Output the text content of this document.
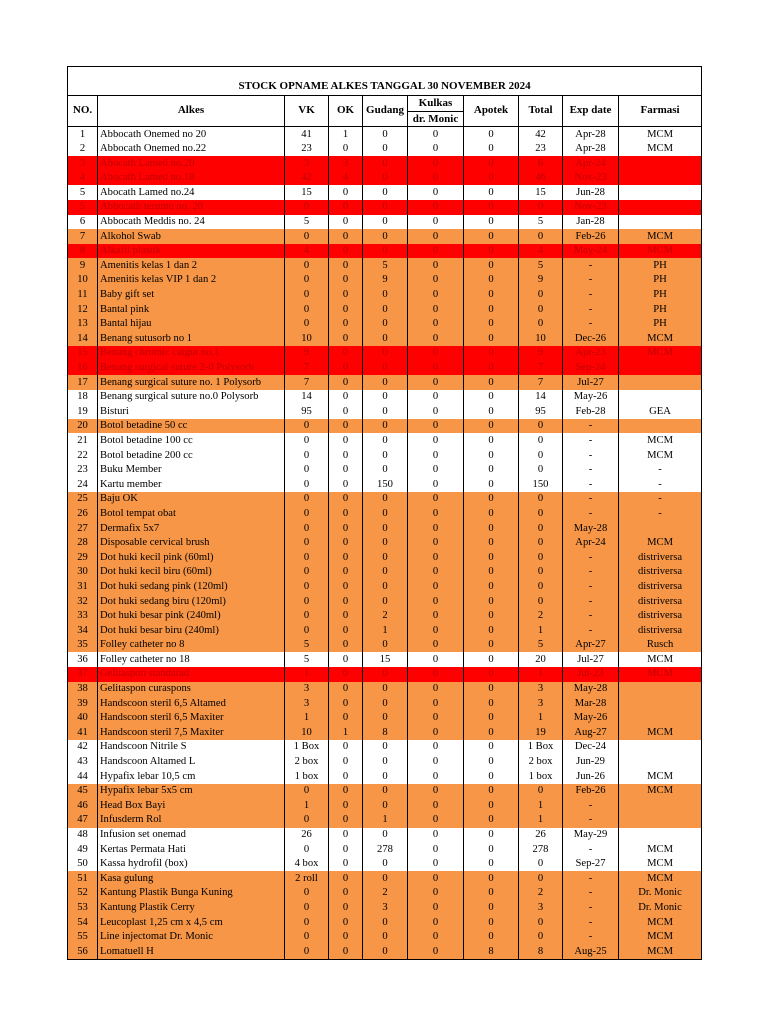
STOCK OPNAME ALKES TANGGAL 30 NOVEMBER 2024									
NO.	Alkes	VK	OK	Gudang	Kulkas	Apotek	Total	Exp date	Farmasi
					dr. Monic				
1	Abbocath Onemed no 20	41	1	0	0	0	42	Apr-28	MCM
2	Abbocath Onemed no.22	23	0	0	0	0	23	Apr-28	MCM
3	Abocath Lamed no.20	3	3	0	0	0	6	Apr-24	
4	Abocath Lamed no.18	42	4	0	0	0	46	Nov-23	
5	Abocath Lamed no.24	15	0	0	0	0	15	Jun-28	
5	Abbocath terumo no. 20	0	0	0	0	0	0	Nov-23	
6	Abbocath Meddis no. 24	5	0	0	0	0	5	Jan-28	
7	Alkohol Swab	0	0	0	0	0	0	Feb-26	MCM
8	Alkafil plastik	4	0	0	0	0	4	May-24	MCM
9	Amenitis kelas 1 dan 2	0	0	5	0	0	5	-	PH
10	Amenitis kelas VIP 1 dan 2	0	0	9	0	0	9	-	PH
11	Baby gift set	0	0	0	0	0	0	-	PH
12	Bantal pink	0	0	0	0	0	0	-	PH
13	Bantal hijau	0	0	0	0	0	0	-	PH
14	Benang sutusorb no 1	10	0	0	0	0	10	Dec-26	MCM
15	Benang chromic catgut no.1	9	0	0	0	0	9	Apr-23	MCM
16	Benang surgical suture 2-0 Polysorb	7	0	0	0	0	7	Sep-24	
17	Benang surgical suture no. 1 Polysorb	7	0	0	0	0	7	Jul-27	
18	Benang surgical suture no.0 Polysorb	14	0	0	0	0	14	May-26	
19	Bisturi	95	0	0	0	0	95	Feb-28	GEA
20	Botol betadine 50 cc	0	0	0	0	0	0	-	
21	Botol betadine 100 cc	0	0	0	0	0	0	-	MCM
22	Botol betadine 200 cc	0	0	0	0	0	0	-	MCM
23	Buku Member	0	0	0	0	0	0	-	-
24	Kartu member	0	0	150	0	0	150	-	-
25	Baju OK	0	0	0	0	0	0	-	-
26	Botol tempat obat	0	0	0	0	0	0	-	-
27	Dermafix 5x7	0	0	0	0	0	0	May-28	
28	Disposable cervical brush	0	0	0	0	0	0	Apr-24	MCM
29	Dot huki kecil pink (60ml)	0	0	0	0	0	0	-	distriversa
30	Dot huki kecil biru (60ml)	0	0	0	0	0	0	-	distriversa
31	Dot huki sedang pink (120ml)	0	0	0	0	0	0	-	distriversa
32	Dot huki sedang biru (120ml)	0	0	0	0	0	0	-	distriversa
33	Dot huki besar pink (240ml)	0	0	2	0	0	2	-	distriversa
34	Dot huki besar biru (240ml)	0	0	1	0	0	1	-	distriversa
35	Folley catheter no 8	5	0	0	0	0	5	Apr-27	Rusch
36	Folley catheter no 18	5	0	15	0	0	20	Jul-27	MCM
37	Gelitaspon standarad	1	0	0	0	0	1	Jul-23	MCM
38	Gelitaspon curaspons	3	0	0	0	0	3	May-28	
39	Handscoon steril 6,5 Altamed	3	0	0	0	0	3	Mar-28	
40	Handscoon steril 6,5 Maxiter	1	0	0	0	0	1	May-26	
41	Handscoon steril 7,5 Maxiter	10	1	8	0	0	19	Aug-27	MCM
42	Handscoon Nitrile S	1 Box	0	0	0	0	1 Box	Dec-24	
43	Handscoon Altamed L	2 box	0	0	0	0	2 box	Jun-29	
44	Hypafix lebar 10,5 cm	1 box	0	0	0	0	1 box	Jun-26	MCM
45	Hypafix lebar 5x5 cm	0	0	0	0	0	0	Feb-26	MCM
46	Head Box Bayi	1	0	0	0	0	1	-	
47	Infusderm Rol	0	0	1	0	0	1	-	
48	Infusion set onemad	26	0	0	0	0	26	May-29	
49	Kertas Permata Hati	0	0	278	0	0	278	-	MCM
50	Kassa hydrofil (box)	4 box	0	0	0	0	0	Sep-27	MCM
51	Kasa gulung	2 roll	0	0	0	0	0	-	MCM
52	Kantung Plastik Bunga Kuning	0	0	2	0	0	2	-	Dr. Monic
53	Kantung Plastik Cerry	0	0	3	0	0	3	-	Dr. Monic
54	Leucoplast 1,25 cm x 4,5 cm	0	0	0	0	0	0	-	MCM
55	Line injectomat Dr. Monic	0	0	0	0	0	0	-	MCM
56	Lomatuell H	0	0	0	0	8	8	Aug-25	MCM
